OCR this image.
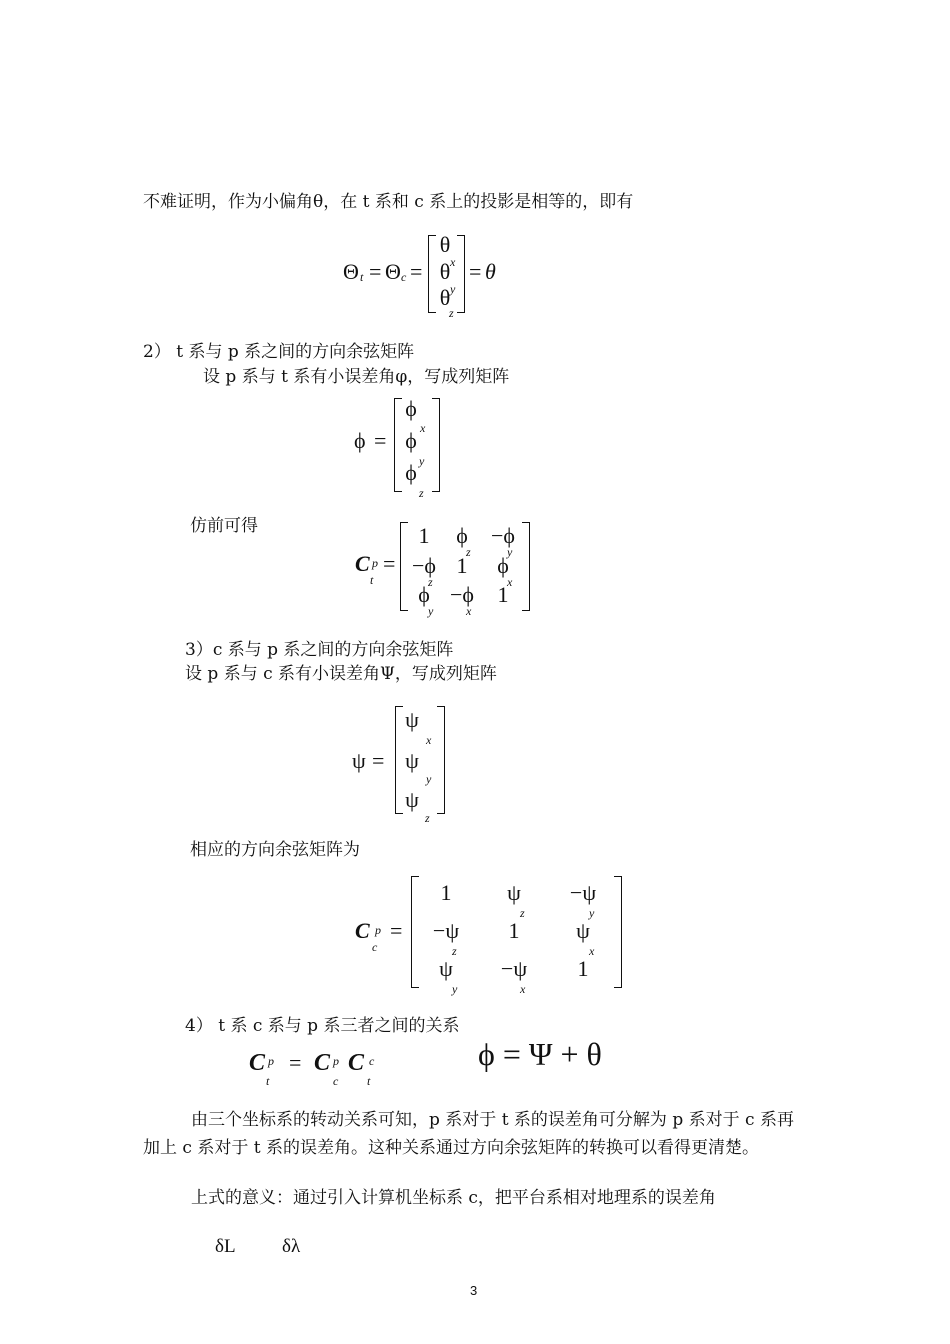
不难证明，作为小偏角θ，在 t 系和 c 系上的投影是相等的，即有
Θ t = Θ c =
θ
x
θ
y
θ
z
= θ
2） t 系与 p 系之间的方向余弦矩阵
设 p 系与 t 系有小误差角φ，写成列矩阵
ϕ =
ϕ
x
ϕ
y
ϕ
z
仿前可得
C p
t
=
1	ϕ
z
−ϕ
y
−ϕ
z
1	ϕ
x
ϕ
y
−ϕ
x
1
3）c 系与 p 系之间的方向余弦矩阵
设 p 系与 c 系有小误差角Ψ，写成列矩阵
ψ =
ψ
x
ψ
y
ψ
z
相应的方向余弦矩阵为
C p
c
=
1	ψ
z
−ψ
y
−ψ
z
1	ψ
x
ψ
y
−ψ
x
1
4） t 系 c 系与 p 系三者之间的关系
C p
t
= C p
c
C c
t
ϕ = Ψ + θ
由三个坐标系的转动关系可知，p 系对于 t 系的误差角可分解为 p 系对于 c 系再加上 c 系对于 t 系的误差角。这种关系通过方向余弦矩阵的转换可以看得更清楚。
上式的意义：通过引入计算机坐标系 c，把平台系相对地理系的误差角
δL δλ
3
